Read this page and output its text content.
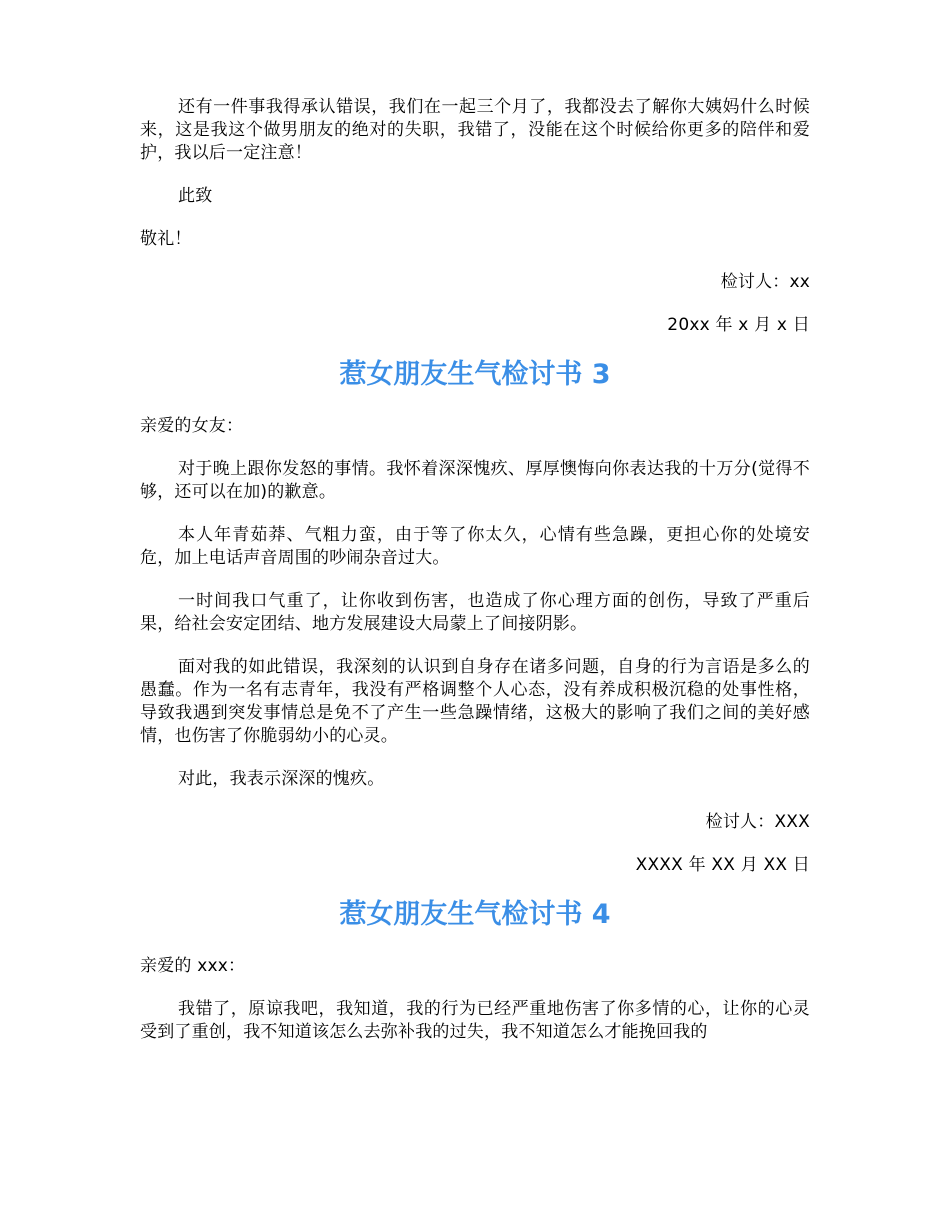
还有一件事我得承认错误，我们在一起三个月了，我都没去了解你大姨妈什么时候来，这是我这个做男朋友的绝对的失职，我错了，没能在这个时候给你更多的陪伴和爱护，我以后一定注意！

此致

敬礼！

检讨人：xx

20xx 年 x 月 x 日

惹女朋友生气检讨书 3

亲爱的女友：

对于晚上跟你发怒的事情。我怀着深深愧疚、厚厚懊悔向你表达我的十万分(觉得不够，还可以在加)的歉意。

本人年青茹莽、气粗力蛮，由于等了你太久，心情有些急躁，更担心你的处境安危，加上电话声音周围的吵闹杂音过大。

一时间我口气重了，让你收到伤害，也造成了你心理方面的创伤，导致了严重后果，给社会安定团结、地方发展建设大局蒙上了间接阴影。

面对我的如此错误，我深刻的认识到自身存在诸多问题，自身的行为言语是多么的愚蠢。作为一名有志青年，我没有严格调整个人心态，没有养成积极沉稳的处事性格，导致我遇到突发事情总是免不了产生一些急躁情绪，这极大的影响了我们之间的美好感情，也伤害了你脆弱幼小的心灵。

对此，我表示深深的愧疚。

检讨人：XXX

XXXX 年 XX 月 XX 日

惹女朋友生气检讨书 4

亲爱的 xxx：

我错了，原谅我吧，我知道，我的行为已经严重地伤害了你多情的心，让你的心灵受到了重创，我不知道该怎么去弥补我的过失，我不知道怎么才能挽回我的
